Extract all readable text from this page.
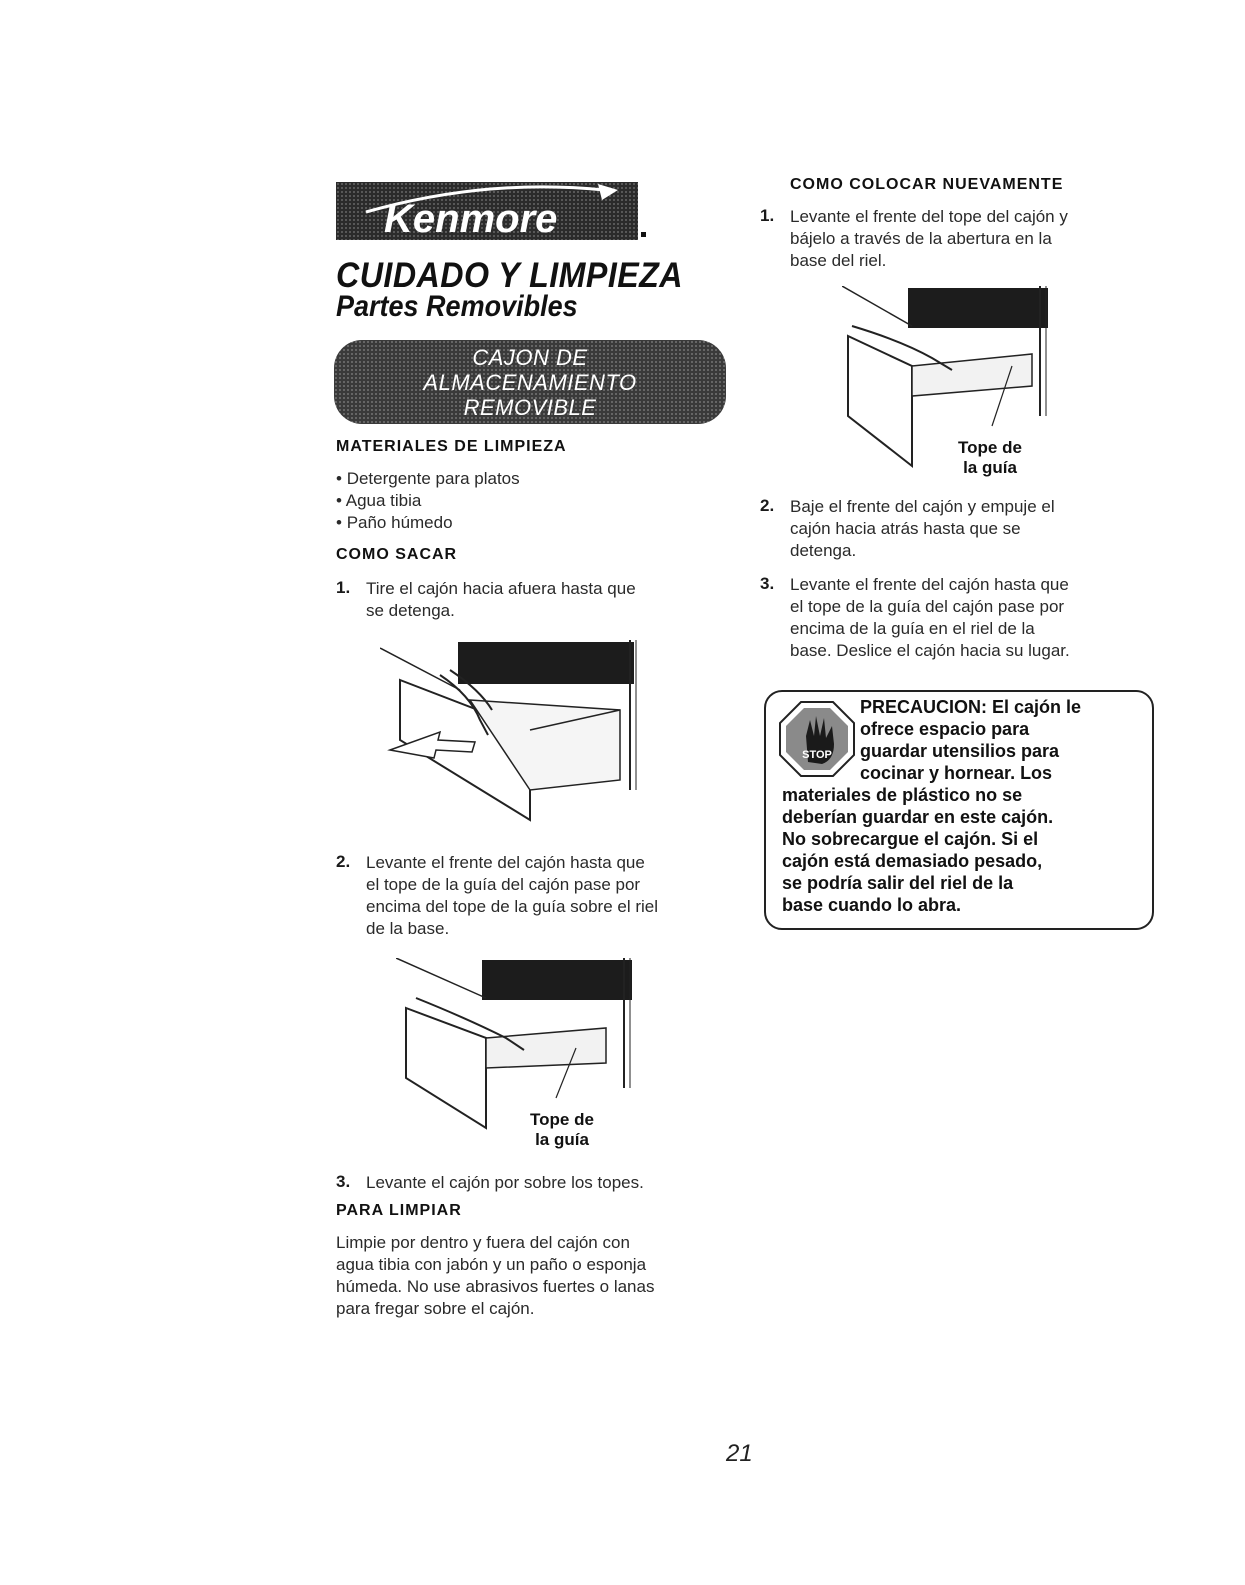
Kenmore
CUIDADO Y LIMPIEZA
Partes Removibles
CAJON DE
ALMACENAMIENTO
REMOVIBLE
MATERIALES DE LIMPIEZA
• Detergente para platos
• Agua tibia
• Paño húmedo
COMO SACAR
1. Tire el cajón hacia afuera hasta que
se detenga.
2. Levante el frente del cajón hasta que
el tope de la guía del cajón pase por
encima del tope de la guía sobre el riel
de la base.
Tope de
la guía
3. Levante el cajón por sobre los topes.
PARA LIMPIAR
Limpie por dentro y fuera del cajón con
agua tibia con jabón y un paño o esponja
húmeda. No use abrasivos fuertes o lanas
para fregar sobre el cajón.
COMO COLOCAR NUEVAMENTE
1. Levante el frente del tope del cajón y
bájelo a través de la abertura en la
base del riel.
Tope de
la guía
2. Baje el frente del cajón y empuje el
cajón hacia atrás hasta que se
detenga.
3. Levante el frente del cajón hasta que
el tope de la guía del cajón pase por
encima de la guía en el riel de la
base. Deslice el cajón hacia su lugar.
STOP
PRECAUCION: El cajón le
ofrece espacio para
guardar utensilios para
cocinar y hornear. Los
materiales de plástico no se
deberían guardar en este cajón.
No sobrecargue el cajón. Si el
cajón está demasiado pesado,
se podría salir del riel de la
base cuando lo abra.
21
